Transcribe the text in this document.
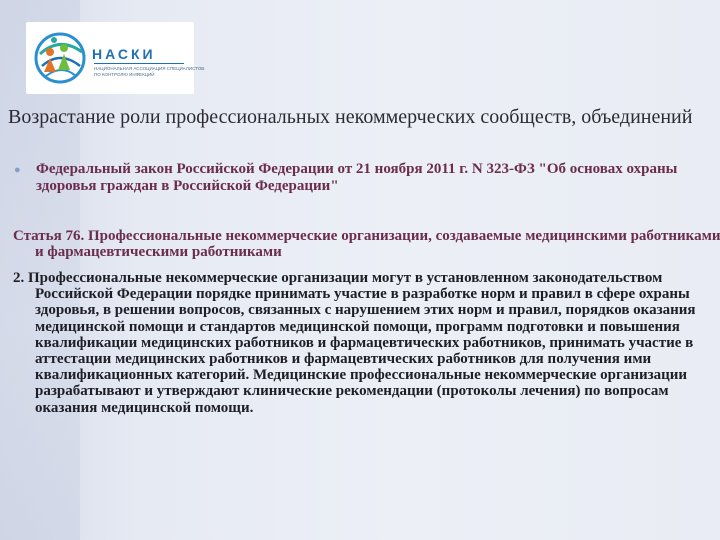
НАСКИ
НАЦИОНАЛЬНАЯ АССОЦИАЦИЯ СПЕЦИАЛИСТОВ
ПО КОНТРОЛЮ ИНФЕКЦИЙ
Возрастание роли профессиональных некоммерческих сообществ, объединений
● Федеральный закон Российской Федерации от 21 ноября 2011 г. N 323-ФЗ "Об основах охраны здоровья граждан в Российской Федерации"
Статья 76. Профессиональные некоммерческие организации, создаваемые медицинскими работниками и фармацевтическими работниками
2. Профессиональные некоммерческие организации могут в установленном законодательством Российской Федерации порядке принимать участие в разработке норм и правил в сфере охраны здоровья, в решении вопросов, связанных с нарушением этих норм и правил, порядков оказания медицинской помощи и стандартов медицинской помощи, программ подготовки и повышения квалификации медицинских работников и фармацевтических работников, принимать участие в аттестации медицинских работников и фармацевтических работников для получения ими квалификационных категорий. Медицинские профессиональные некоммерческие организации разрабатывают и утверждают клинические рекомендации (протоколы лечения) по вопросам оказания медицинской помощи.
